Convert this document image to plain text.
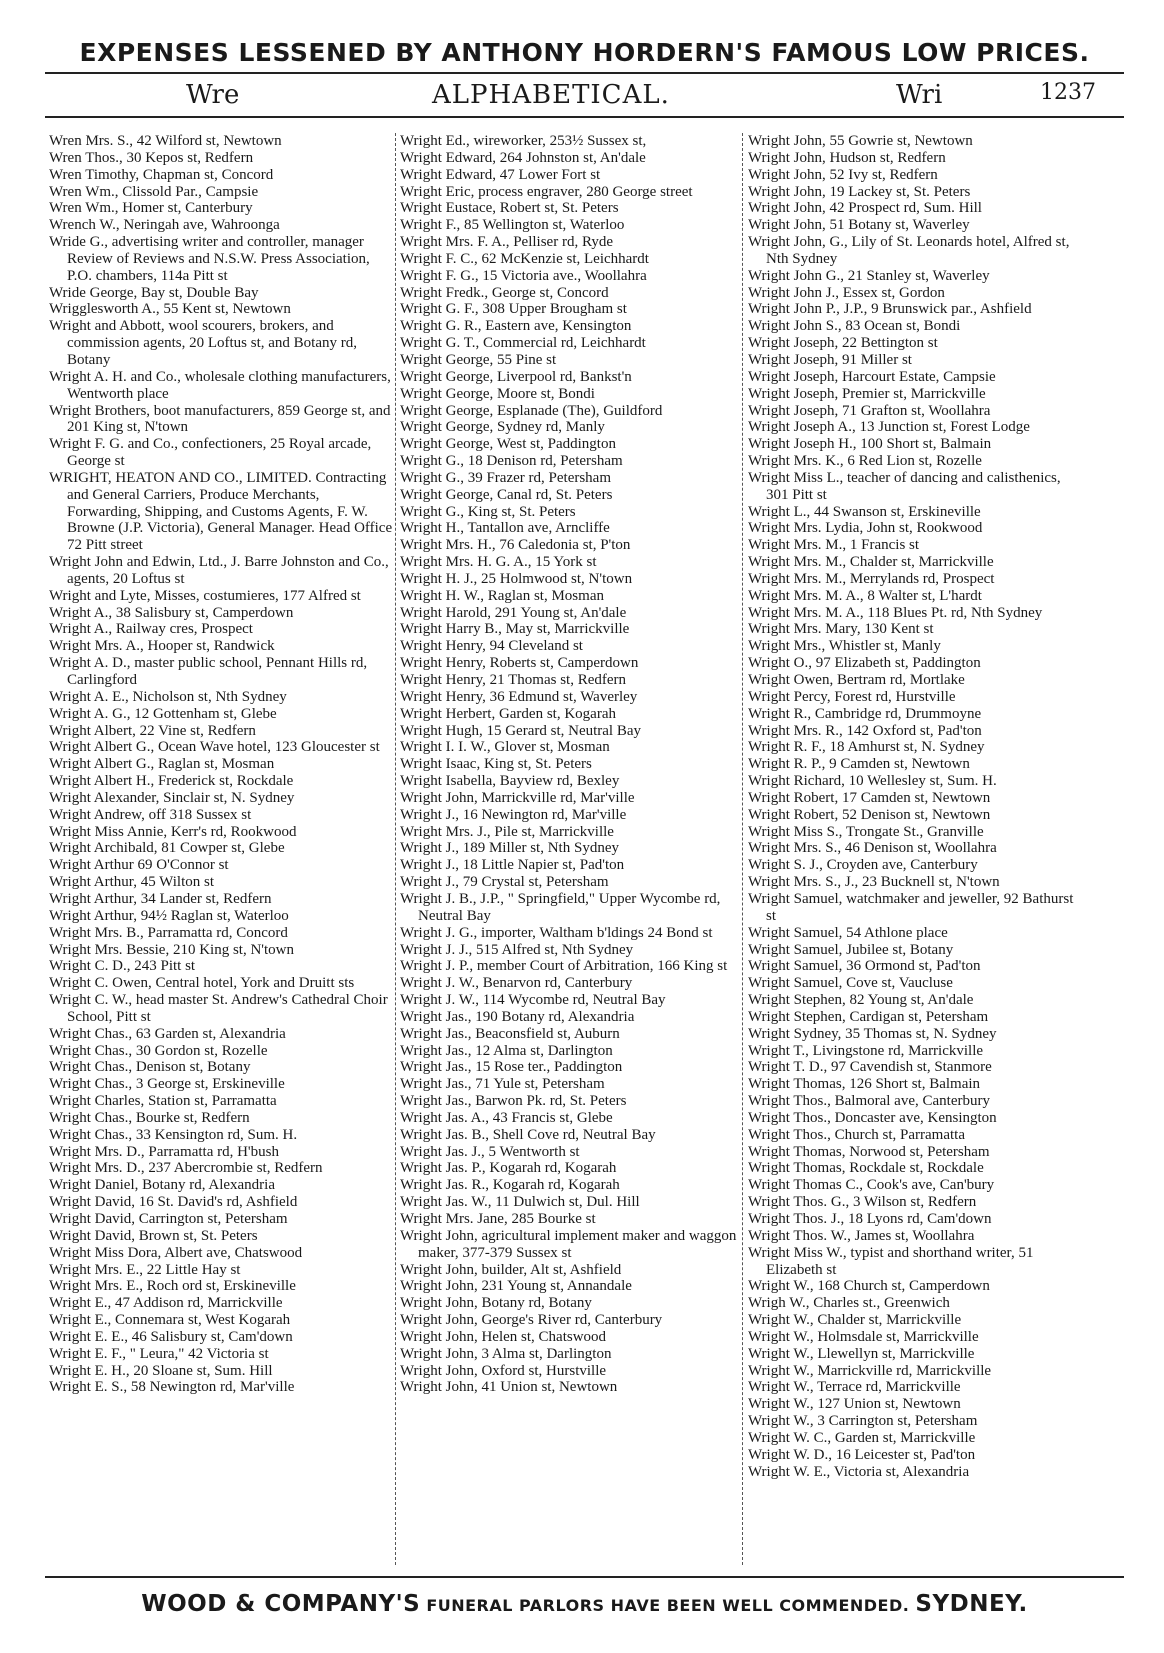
EXPENSES LESSENED BY ANTHONY HORDERN'S FAMOUS LOW PRICES.
Wre	ALPHABETICAL.	Wri	1237

Wren Mrs. S., 42 Wilford st, Newtown

Wren Thos., 30 Kepos st, Redfern

Wren Timothy, Chapman st, Concord

Wren Wm., Clissold Par., Campsie

Wren Wm., Homer st, Canterbury

Wrench W., Neringah ave, Wahroonga

Wride G., advertising writer and controller, manager Review of Reviews and N.S.W. Press Association, P.O. chambers, 114a Pitt st

Wride George, Bay st, Double Bay

Wrigglesworth A., 55 Kent st, Newtown

Wright and Abbott, wool scourers, brokers, and commission agents, 20 Loftus st, and Botany rd, Botany

Wright A. H. and Co., wholesale clothing manufacturers, Wentworth place

Wright Brothers, boot manufacturers, 859 George st, and 201 King st, N'town

Wright F. G. and Co., confectioners, 25 Royal arcade, George st

WRIGHT, HEATON AND CO., LIMITED. Contracting and General Carriers, Produce Merchants, Forwarding, Shipping, and Customs Agents, F. W. Browne (J.P. Victoria), General Manager. Head Office 72 Pitt street

Wright John and Edwin, Ltd., J. Barre Johnston and Co., agents, 20 Loftus st

Wright and Lyte, Misses, costumieres, 177 Alfred st

Wright A., 38 Salisbury st, Camperdown

Wright A., Railway cres, Prospect

Wright Mrs. A., Hooper st, Randwick

Wright A. D., master public school, Pennant Hills rd, Carlingford

Wright A. E., Nicholson st, Nth Sydney

Wright A. G., 12 Gottenham st, Glebe

Wright Albert, 22 Vine st, Redfern

Wright Albert G., Ocean Wave hotel, 123 Gloucester st

Wright Albert G., Raglan st, Mosman

Wright Albert H., Frederick st, Rockdale

Wright Alexander, Sinclair st, N. Sydney

Wright Andrew, off 318 Sussex st

Wright Miss Annie, Kerr's rd, Rookwood

Wright Archibald, 81 Cowper st, Glebe

Wright Arthur 69 O'Connor st

Wright Arthur, 45 Wilton st

Wright Arthur, 34 Lander st, Redfern

Wright Arthur, 94½ Raglan st, Waterloo

Wright Mrs. B., Parramatta rd, Concord

Wright Mrs. Bessie, 210 King st, N'town

Wright C. D., 243 Pitt st

Wright C. Owen, Central hotel, York and Druitt sts

Wright C. W., head master St. Andrew's Cathedral Choir School, Pitt st

Wright Chas., 63 Garden st, Alexandria

Wright Chas., 30 Gordon st, Rozelle

Wright Chas., Denison st, Botany

Wright Chas., 3 George st, Erskineville

Wright Charles, Station st, Parramatta

Wright Chas., Bourke st, Redfern

Wright Chas., 33 Kensington rd, Sum. H.

Wright Mrs. D., Parramatta rd, H'bush

Wright Mrs. D., 237 Abercrombie st, Redfern

Wright Daniel, Botany rd, Alexandria

Wright David, 16 St. David's rd, Ashfield

Wright David, Carrington st, Petersham

Wright David, Brown st, St. Peters

Wright Miss Dora, Albert ave, Chatswood

Wright Mrs. E., 22 Little Hay st

Wright Mrs. E., Roch ord st, Erskineville

Wright E., 47 Addison rd, Marrickville

Wright E., Connemara st, West Kogarah

Wright E. E., 46 Salisbury st, Cam'down

Wright E. F., " Leura," 42 Victoria st

Wright E. H., 20 Sloane st, Sum. Hill

Wright E. S., 58 Newington rd, Mar'ville

Wright Ed., wireworker, 253½ Sussex st,

Wright Edward, 264 Johnston st, An'dale

Wright Edward, 47 Lower Fort st

Wright Eric, process engraver, 280 George street

Wright Eustace, Robert st, St. Peters

Wright F., 85 Wellington st, Waterloo

Wright Mrs. F. A., Pelliser rd, Ryde

Wright F. C., 62 McKenzie st, Leichhardt

Wright F. G., 15 Victoria ave., Woollahra

Wright Fredk., George st, Concord

Wright G. F., 308 Upper Brougham st

Wright G. R., Eastern ave, Kensington

Wright G. T., Commercial rd, Leichhardt

Wright George, 55 Pine st

Wright George, Liverpool rd, Bankst'n

Wright George, Moore st, Bondi

Wright George, Esplanade (The), Guildford

Wright George, Sydney rd, Manly

Wright George, West st, Paddington

Wright G., 18 Denison rd, Petersham

Wright G., 39 Frazer rd, Petersham

Wright George, Canal rd, St. Peters

Wright G., King st, St. Peters

Wright H., Tantallon ave, Arncliffe

Wright Mrs. H., 76 Caledonia st, P'ton

Wright Mrs. H. G. A., 15 York st

Wright H. J., 25 Holmwood st, N'town

Wright H. W., Raglan st, Mosman

Wright Harold, 291 Young st, An'dale

Wright Harry B., May st, Marrickville

Wright Henry, 94 Cleveland st

Wright Henry, Roberts st, Camperdown

Wright Henry, 21 Thomas st, Redfern

Wright Henry, 36 Edmund st, Waverley

Wright Herbert, Garden st, Kogarah

Wright Hugh, 15 Gerard st, Neutral Bay

Wright I. I. W., Glover st, Mosman

Wright Isaac, King st, St. Peters

Wright Isabella, Bayview rd, Bexley

Wright John, Marrickville rd, Mar'ville

Wright J., 16 Newington rd, Mar'ville

Wright Mrs. J., Pile st, Marrickville

Wright J., 189 Miller st, Nth Sydney

Wright J., 18 Little Napier st, Pad'ton

Wright J., 79 Crystal st, Petersham

Wright J. B., J.P., " Springfield," Upper Wycombe rd, Neutral Bay

Wright J. G., importer, Waltham b'ldings 24 Bond st

Wright J. J., 515 Alfred st, Nth Sydney

Wright J. P., member Court of Arbitration, 166 King st

Wright J. W., Benarvon rd, Canterbury

Wright J. W., 114 Wycombe rd, Neutral Bay

Wright Jas., 190 Botany rd, Alexandria

Wright Jas., Beaconsfield st, Auburn

Wright Jas., 12 Alma st, Darlington

Wright Jas., 15 Rose ter., Paddington

Wright Jas., 71 Yule st, Petersham

Wright Jas., Barwon Pk. rd, St. Peters

Wright Jas. A., 43 Francis st, Glebe

Wright Jas. B., Shell Cove rd, Neutral Bay

Wright Jas. J., 5 Wentworth st

Wright Jas. P., Kogarah rd, Kogarah

Wright Jas. R., Kogarah rd, Kogarah

Wright Jas. W., 11 Dulwich st, Dul. Hill

Wright Mrs. Jane, 285 Bourke st

Wright John, agricultural implement maker and waggon maker, 377-379 Sussex st

Wright John, builder, Alt st, Ashfield

Wright John, 231 Young st, Annandale

Wright John, Botany rd, Botany

Wright John, George's River rd, Canterbury

Wright John, Helen st, Chatswood

Wright John, 3 Alma st, Darlington

Wright John, Oxford st, Hurstville

Wright John, 41 Union st, Newtown

Wright John, 55 Gowrie st, Newtown

Wright John, Hudson st, Redfern

Wright John, 52 Ivy st, Redfern

Wright John, 19 Lackey st, St. Peters

Wright John, 42 Prospect rd, Sum. Hill

Wright John, 51 Botany st, Waverley

Wright John, G., Lily of St. Leonards hotel, Alfred st, Nth Sydney

Wright John G., 21 Stanley st, Waverley

Wright John J., Essex st, Gordon

Wright John P., J.P., 9 Brunswick par., Ashfield

Wright John S., 83 Ocean st, Bondi

Wright Joseph, 22 Bettington st

Wright Joseph, 91 Miller st

Wright Joseph, Harcourt Estate, Campsie

Wright Joseph, Premier st, Marrickville

Wright Joseph, 71 Grafton st, Woollahra

Wright Joseph A., 13 Junction st, Forest Lodge

Wright Joseph H., 100 Short st, Balmain

Wright Mrs. K., 6 Red Lion st, Rozelle

Wright Miss L., teacher of dancing and calisthenics, 301 Pitt st

Wright L., 44 Swanson st, Erskineville

Wright Mrs. Lydia, John st, Rookwood

Wright Mrs. M., 1 Francis st

Wright Mrs. M., Chalder st, Marrickville

Wright Mrs. M., Merrylands rd, Prospect

Wright Mrs. M. A., 8 Walter st, L'hardt

Wright Mrs. M. A., 118 Blues Pt. rd, Nth Sydney

Wright Mrs. Mary, 130 Kent st

Wright Mrs., Whistler st, Manly

Wright O., 97 Elizabeth st, Paddington

Wright Owen, Bertram rd, Mortlake

Wright Percy, Forest rd, Hurstville

Wright R., Cambridge rd, Drummoyne

Wright Mrs. R., 142 Oxford st, Pad'ton

Wright R. F., 18 Amhurst st, N. Sydney

Wright R. P., 9 Camden st, Newtown

Wright Richard, 10 Wellesley st, Sum. H.

Wright Robert, 17 Camden st, Newtown

Wright Robert, 52 Denison st, Newtown

Wright Miss S., Trongate St., Granville

Wright Mrs. S., 46 Denison st, Woollahra

Wright S. J., Croyden ave, Canterbury

Wright Mrs. S., J., 23 Bucknell st, N'town

Wright Samuel, watchmaker and jeweller, 92 Bathurst st

Wright Samuel, 54 Athlone place

Wright Samuel, Jubilee st, Botany

Wright Samuel, 36 Ormond st, Pad'ton

Wright Samuel, Cove st, Vaucluse

Wright Stephen, 82 Young st, An'dale

Wright Stephen, Cardigan st, Petersham

Wright Sydney, 35 Thomas st, N. Sydney

Wright T., Livingstone rd, Marrickville

Wright T. D., 97 Cavendish st, Stanmore

Wright Thomas, 126 Short st, Balmain

Wright Thos., Balmoral ave, Canterbury

Wright Thos., Doncaster ave, Kensington

Wright Thos., Church st, Parramatta

Wright Thomas, Norwood st, Petersham

Wright Thomas, Rockdale st, Rockdale

Wright Thomas C., Cook's ave, Can'bury

Wright Thos. G., 3 Wilson st, Redfern

Wright Thos. J., 18 Lyons rd, Cam'down

Wright Thos. W., James st, Woollahra

Wright Miss W., typist and shorthand writer, 51 Elizabeth st

Wright W., 168 Church st, Camperdown

Wrigh W., Charles st., Greenwich

Wright W., Chalder st, Marrickville

Wright W., Holmsdale st, Marrickville

Wright W., Llewellyn st, Marrickville

Wright W., Marrickville rd, Marrickville

Wright W., Terrace rd, Marrickville

Wright W., 127 Union st, Newtown

Wright W., 3 Carrington st, Petersham

Wright W. C., Garden st, Marrickville

Wright W. D., 16 Leicester st, Pad'ton

Wright W. E., Victoria st, Alexandria

WOOD & COMPANY'S FUNERAL PARLORS HAVE BEEN WELL COMMENDED. SYDNEY.
